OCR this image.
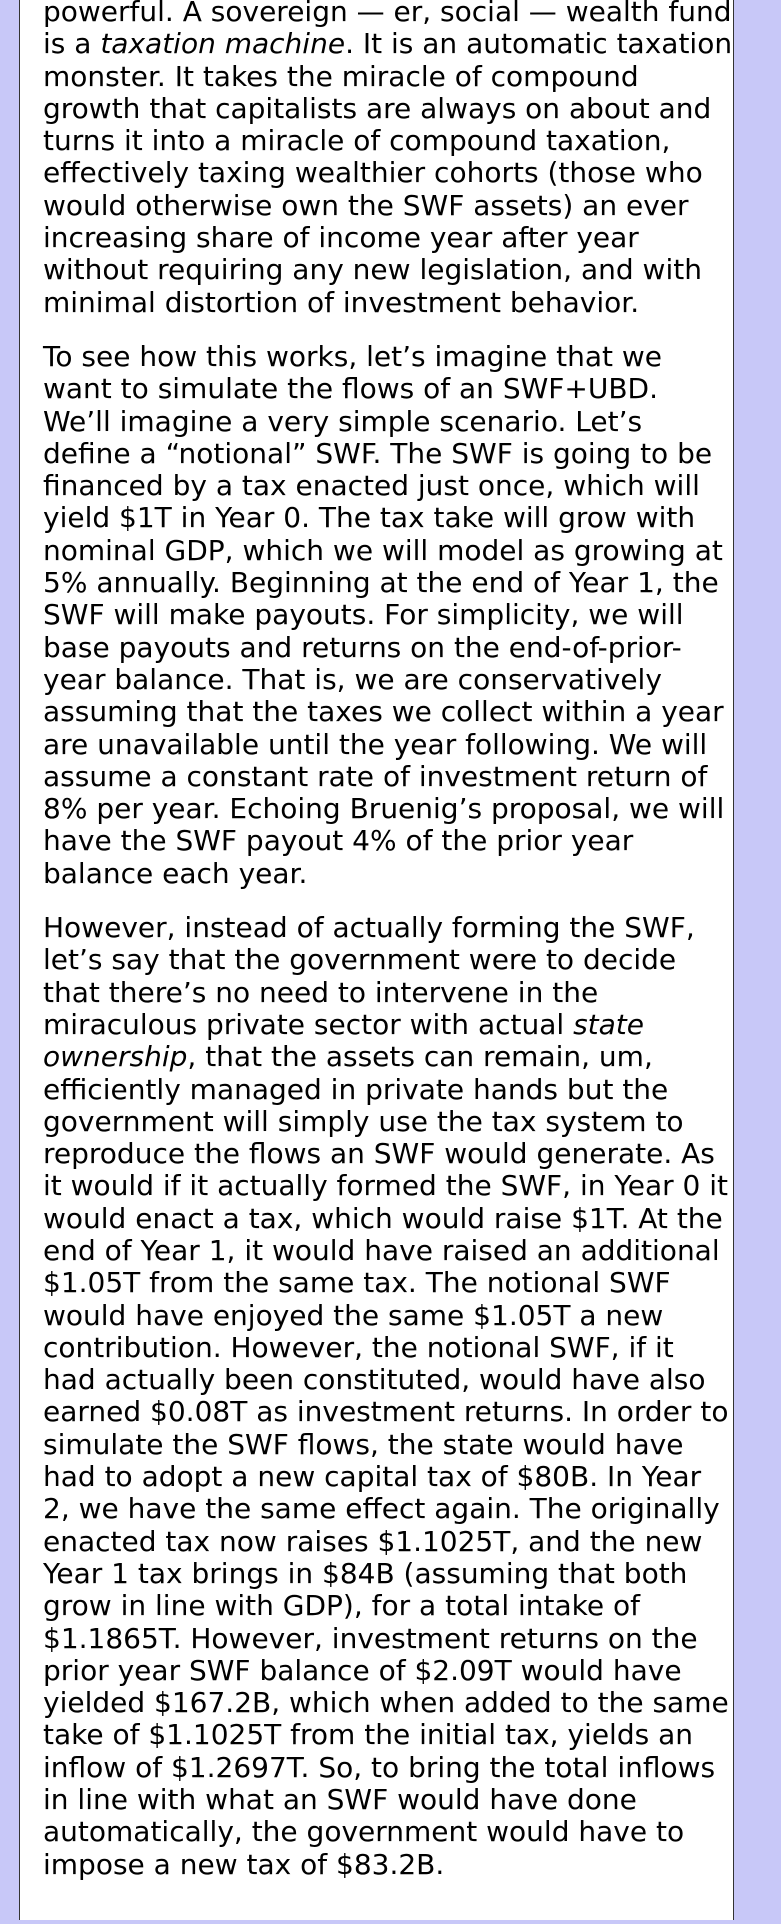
powerful. A sovereign — er, social — wealth fund is a taxation machine. It is an automatic taxation monster. It takes the miracle of compound growth that capitalists are always on about and turns it into a miracle of compound taxation, effectively taxing wealthier cohorts (those who would otherwise own the SWF assets) an ever increasing share of income year after year without requiring any new legislation, and with minimal distortion of investment behavior.

To see how this works, let’s imagine that we want to simulate the flows of an SWF+UBD. We’ll imagine a very simple scenario. Let’s define a “notional” SWF. The SWF is going to be financed by a tax enacted just once, which will yield $1T in Year 0. The tax take will grow with nominal GDP, which we will model as growing at 5% annually. Beginning at the end of Year 1, the SWF will make payouts. For simplicity, we will base payouts and returns on the end-of-prior-year balance. That is, we are conservatively assuming that the taxes we collect within a year are unavailable until the year following. We will assume a constant rate of investment return of 8% per year. Echoing Bruenig’s proposal, we will have the SWF payout 4% of the prior year balance each year.

However, instead of actually forming the SWF, let’s say that the government were to decide that there’s no need to intervene in the miraculous private sector with actual state ownership, that the assets can remain, um, efficiently managed in private hands but the government will simply use the tax system to reproduce the flows an SWF would generate. As it would if it actually formed the SWF, in Year 0 it would enact a tax, which would raise $1T. At the end of Year 1, it would have raised an additional $1.05T from the same tax. The notional SWF would have enjoyed the same $1.05T a new contribution. However, the notional SWF, if it had actually been constituted, would have also earned $0.08T as investment returns. In order to simulate the SWF flows, the state would have had to adopt a new capital tax of $80B. In Year 2, we have the same effect again. The originally enacted tax now raises $1.1025T, and the new Year 1 tax brings in $84B (assuming that both grow in line with GDP), for a total intake of $1.1865T. However, investment returns on the prior year SWF balance of $2.09T would have yielded $167.2B, which when added to the same take of $1.1025T from the initial tax, yields an inflow of $1.2697T. So, to bring the total inflows in line with what an SWF would have done automatically, the government would have to impose a new tax of $83.2B.
